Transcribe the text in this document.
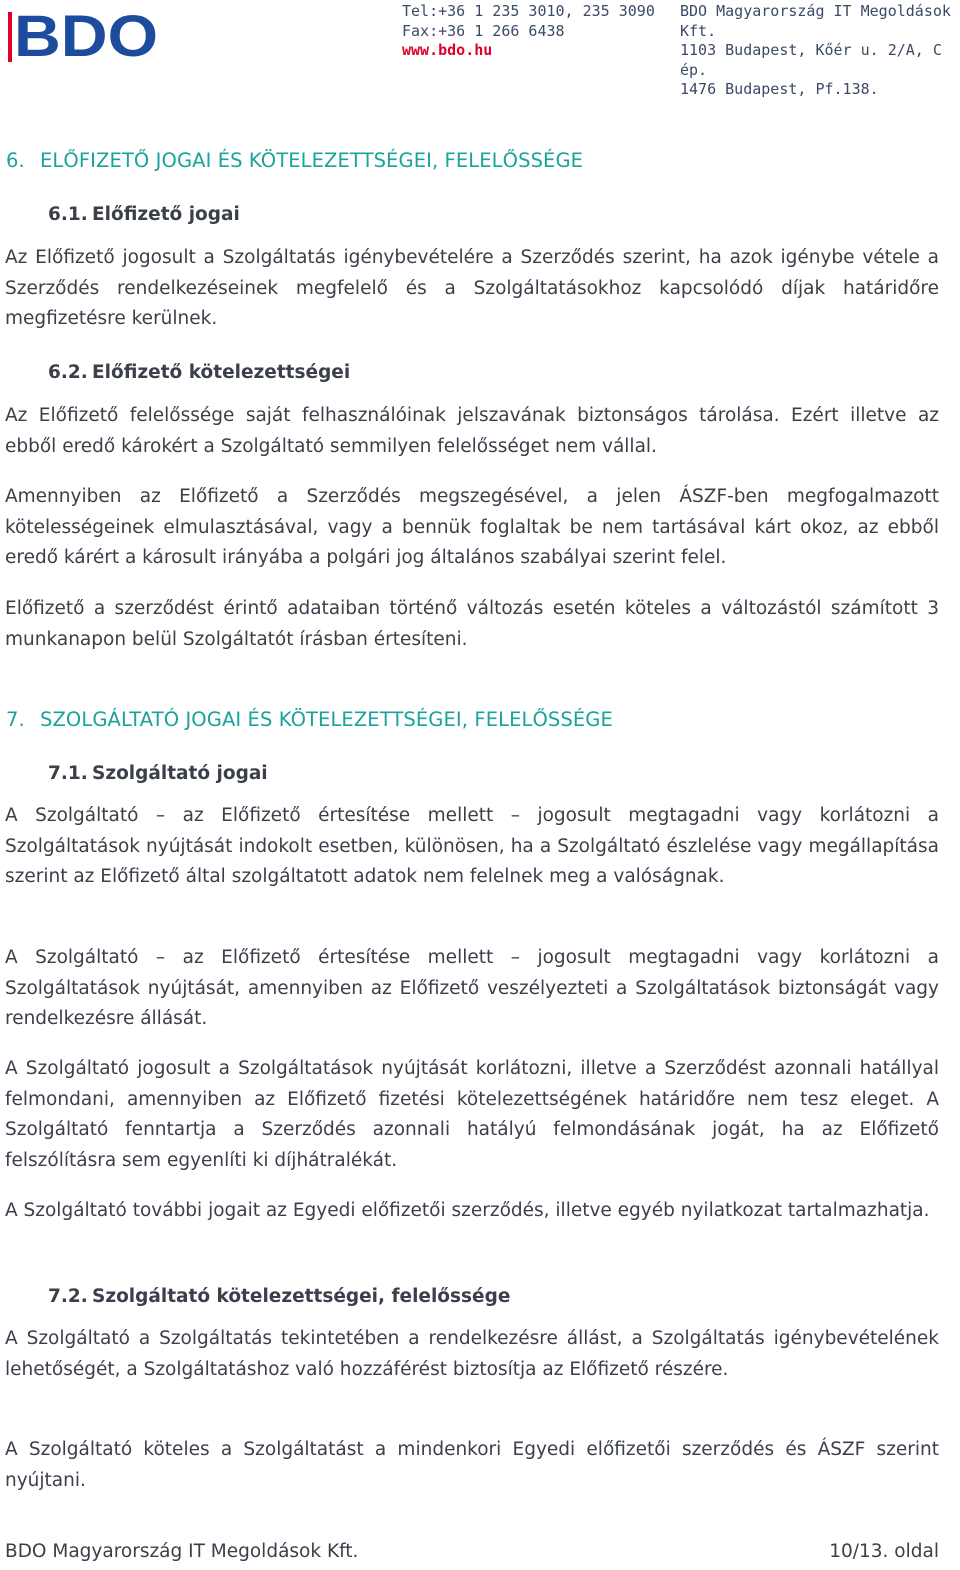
BDO	Tel:+36 1 235 3010, 235 3090
Fax:+36 1 266 6438
www.bdo.hu
BDO Magyarország IT Megoldások Kft.
1103 Budapest, Kőér u. 2/A, C ép.
1476 Budapest, Pf.138.
6. ELŐFIZETŐ JOGAI ÉS KÖTELEZETTSÉGEI, FELELŐSSÉGE
6.1. Előfizető jogai
Az Előfizető jogosult a Szolgáltatás igénybevételére a Szerződés szerint, ha azok igénybe vétele a Szerződés rendelkezéseinek megfelelő és a Szolgáltatásokhoz kapcsolódó díjak határidőre megfizetésre kerülnek.
6.2. Előfizető kötelezettségei
Az Előfizető felelőssége saját felhasználóinak jelszavának biztonságos tárolása. Ezért illetve az ebből eredő károkért a Szolgáltató semmilyen felelősséget nem vállal.
Amennyiben az Előfizető a Szerződés megszegésével, a jelen ÁSZF-ben megfogalmazott kötelességeinek elmulasztásával, vagy a bennük foglaltak be nem tartásával kárt okoz, az ebből eredő kárért a károsult irányába a polgári jog általános szabályai szerint felel.
Előfizető a szerződést érintő adataiban történő változás esetén köteles a változástól számított 3 munkanapon belül Szolgáltatót írásban értesíteni.
7. SZOLGÁLTATÓ JOGAI ÉS KÖTELEZETTSÉGEI, FELELŐSSÉGE
7.1. Szolgáltató jogai
A Szolgáltató – az Előfizető értesítése mellett – jogosult megtagadni vagy korlátozni a Szolgáltatások nyújtását indokolt esetben, különösen, ha a Szolgáltató észlelése vagy megállapítása szerint az Előfizető által szolgáltatott adatok nem felelnek meg a valóságnak.
A Szolgáltató – az Előfizető értesítése mellett – jogosult megtagadni vagy korlátozni a Szolgáltatások nyújtását, amennyiben az Előfizető veszélyezteti a Szolgáltatások biztonságát vagy rendelkezésre állását.
A Szolgáltató jogosult a Szolgáltatások nyújtását korlátozni, illetve a Szerződést azonnali hatállyal felmondani, amennyiben az Előfizető fizetési kötelezettségének határidőre nem tesz eleget. A Szolgáltató fenntartja a Szerződés azonnali hatályú felmondásának jogát, ha az Előfizető felszólításra sem egyenlíti ki díjhátralékát.
A Szolgáltató további jogait az Egyedi előfizetői szerződés, illetve egyéb nyilatkozat tartalmazhatja.
7.2. Szolgáltató kötelezettségei, felelőssége
A Szolgáltató a Szolgáltatás tekintetében a rendelkezésre állást, a Szolgáltatás igénybevételének lehetőségét, a Szolgáltatáshoz való hozzáférést biztosítja az Előfizető részére.
A Szolgáltató köteles a Szolgáltatást a mindenkori Egyedi előfizetői szerződés és ÁSZF szerint nyújtani.
BDO Magyarország IT Megoldások Kft.	10/13. oldal
